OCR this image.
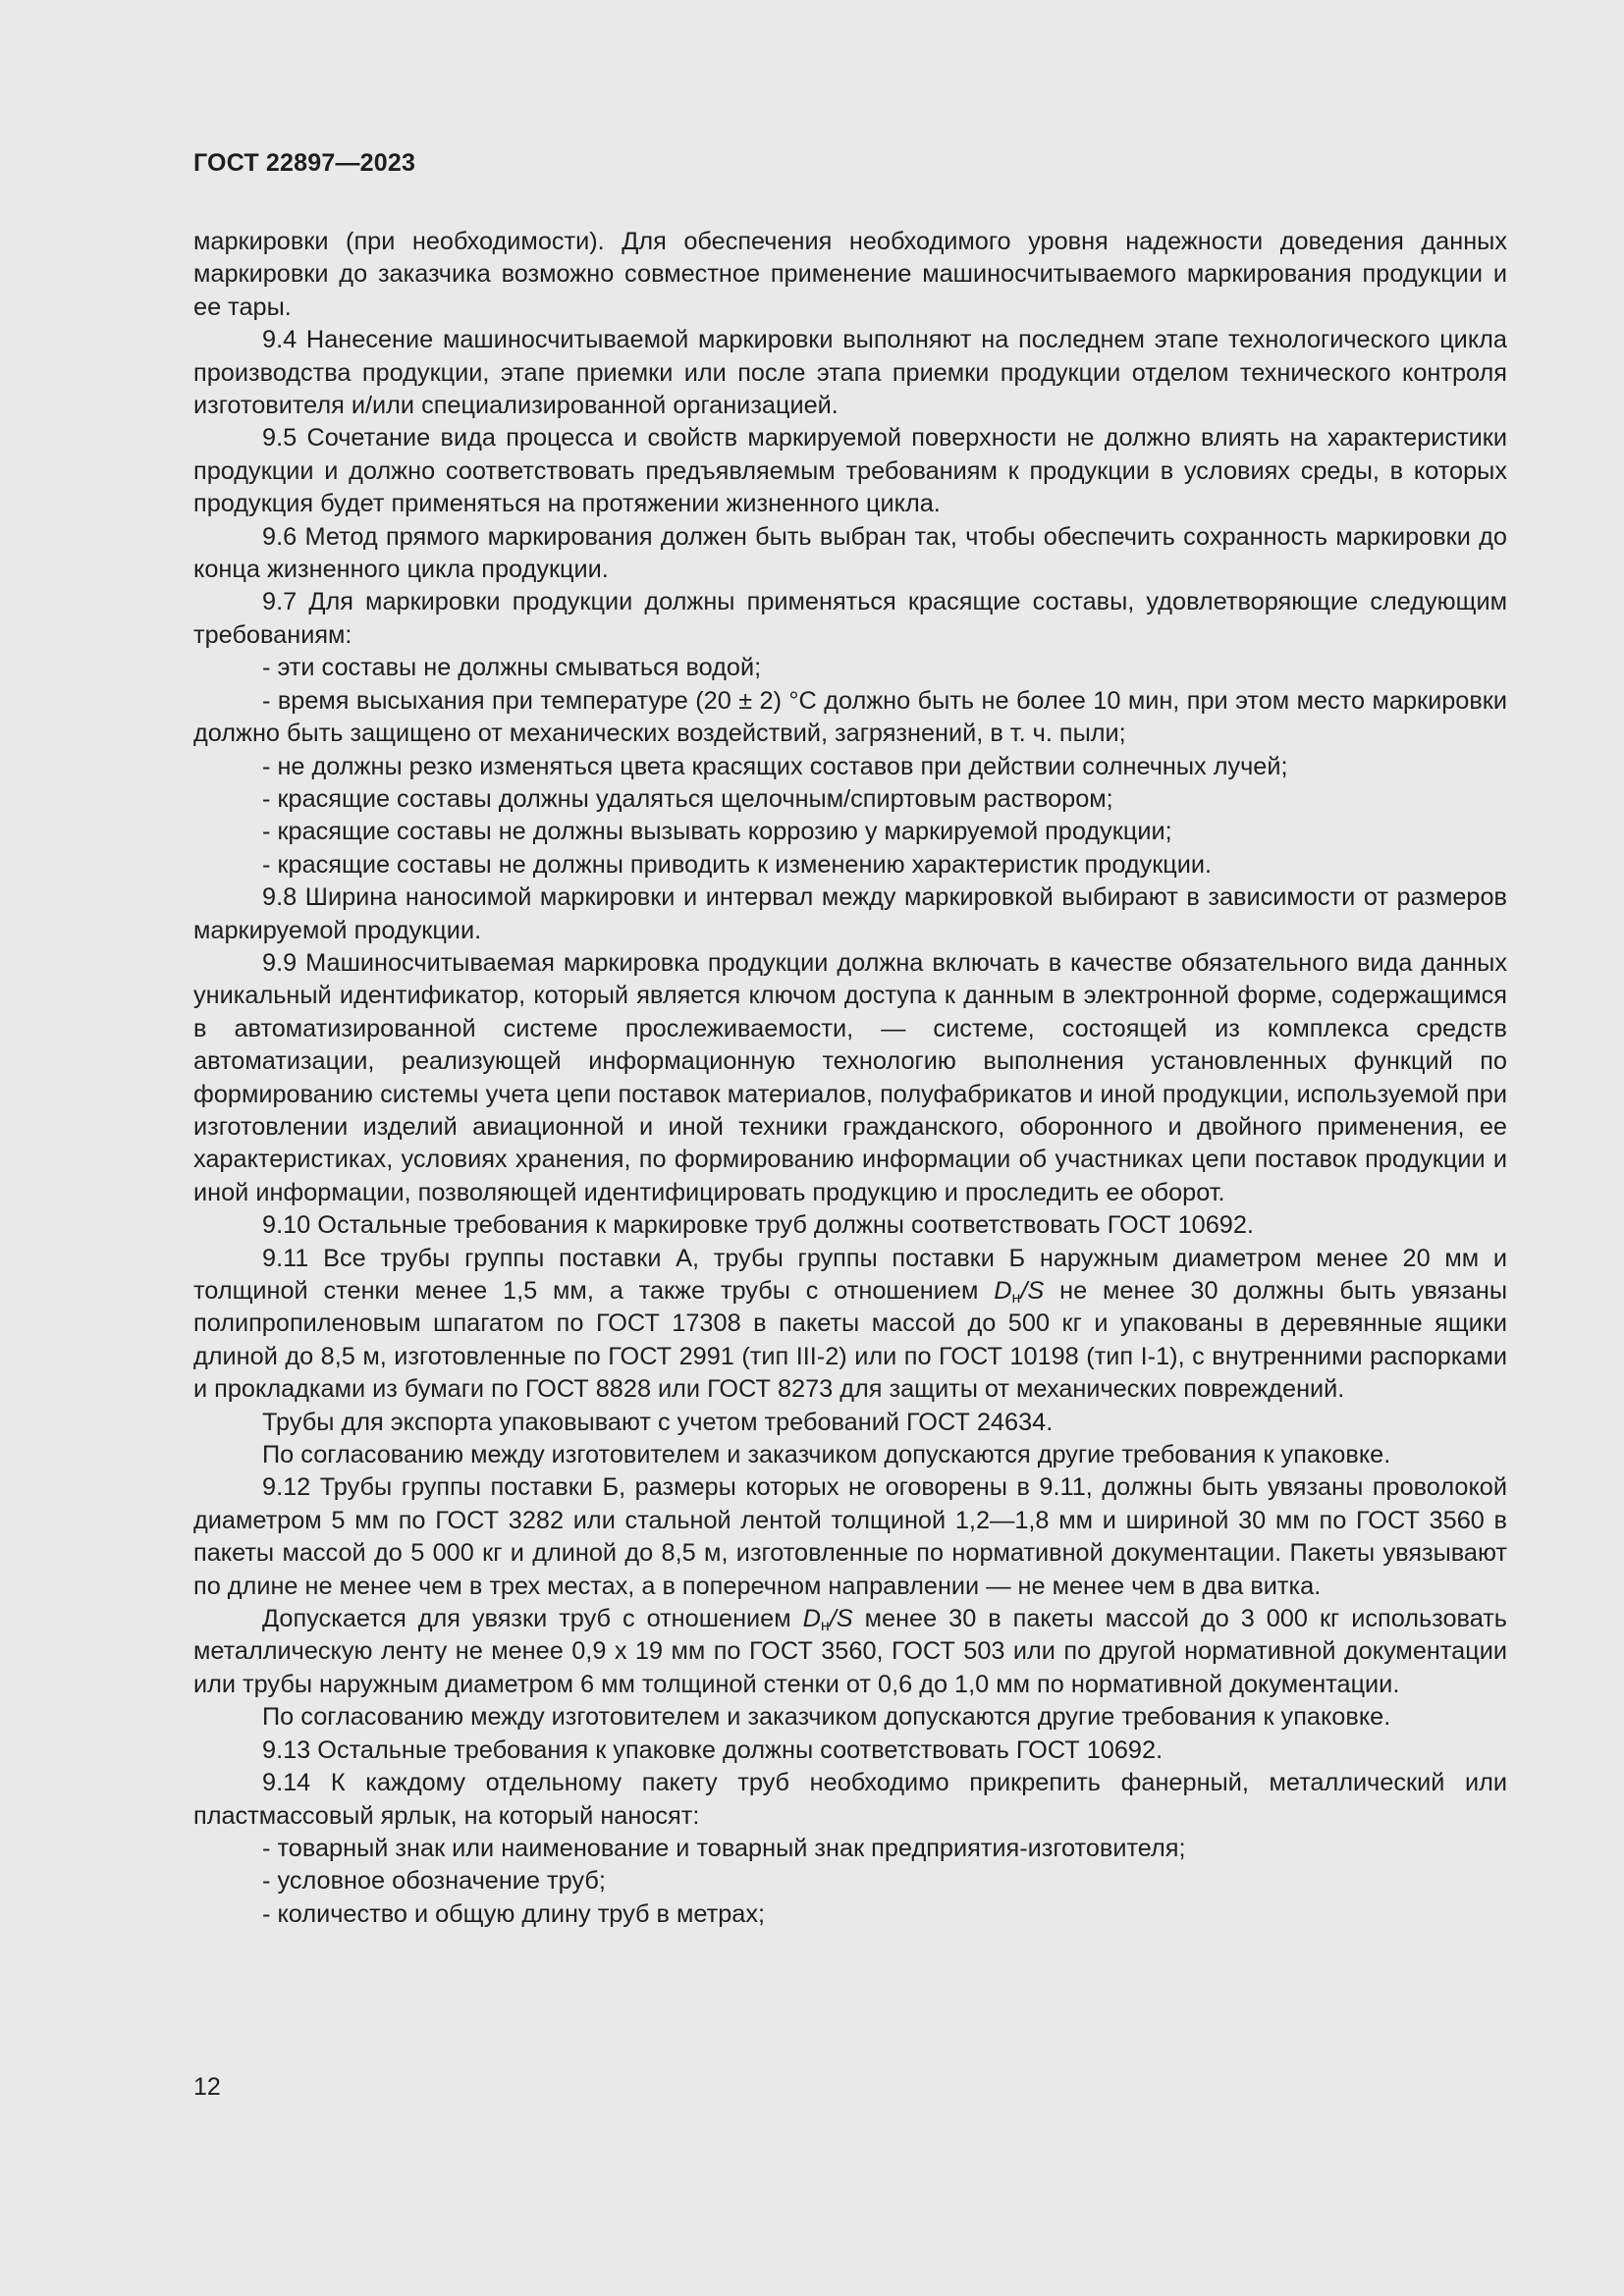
ГОСТ 22897—2023

маркировки (при необходимости). Для обеспечения необходимого уровня надежности доведения данных маркировки до заказчика возможно совместное применение машиносчитываемого маркирования продукции и ее тары.

9.4 Нанесение машиносчитываемой маркировки выполняют на последнем этапе технологического цикла производства продукции, этапе приемки или после этапа приемки продукции отделом технического контроля изготовителя и/или специализированной организацией.

9.5 Сочетание вида процесса и свойств маркируемой поверхности не должно влиять на характеристики продукции и должно соответствовать предъявляемым требованиям к продукции в условиях среды, в которых продукция будет применяться на протяжении жизненного цикла.

9.6 Метод прямого маркирования должен быть выбран так, чтобы обеспечить сохранность маркировки до конца жизненного цикла продукции.

9.7 Для маркировки продукции должны применяться красящие составы, удовлетворяющие следующим требованиям:

- эти составы не должны смываться водой;

- время высыхания при температуре (20 ± 2) °С должно быть не более 10 мин, при этом место маркировки должно быть защищено от механических воздействий, загрязнений, в т. ч. пыли;

- не должны резко изменяться цвета красящих составов при действии солнечных лучей;

- красящие составы должны удаляться щелочным/спиртовым раствором;

- красящие составы не должны вызывать коррозию у маркируемой продукции;

- красящие составы не должны приводить к изменению характеристик продукции.

9.8 Ширина наносимой маркировки и интервал между маркировкой выбирают в зависимости от размеров маркируемой продукции.

9.9 Машиносчитываемая маркировка продукции должна включать в качестве обязательного вида данных уникальный идентификатор, который является ключом доступа к данным в электронной форме, содержащимся в автоматизированной системе прослеживаемости, — системе, состоящей из комплекса средств автоматизации, реализующей информационную технологию выполнения установленных функций по формированию системы учета цепи поставок материалов, полуфабрикатов и иной продукции, используемой при изготовлении изделий авиационной и иной техники гражданского, оборонного и двойного применения, ее характеристиках, условиях хранения, по формированию информации об участниках цепи поставок продукции и иной информации, позволяющей идентифицировать продукцию и проследить ее оборот.

9.10 Остальные требования к маркировке труб должны соответствовать ГОСТ 10692.

9.11 Все трубы группы поставки А, трубы группы поставки Б наружным диаметром менее 20 мм и толщиной стенки менее 1,5 мм, а также трубы с отношением $D_н/S$ не менее 30 должны быть увязаны полипропиленовым шпагатом по ГОСТ 17308 в пакеты массой до 500 кг и упакованы в деревянные ящики длиной до 8,5 м, изготовленные по ГОСТ 2991 (тип III-2) или по ГОСТ 10198 (тип I-1), с внутренними распорками и прокладками из бумаги по ГОСТ 8828 или ГОСТ 8273 для защиты от механических повреждений.

Трубы для экспорта упаковывают с учетом требований ГОСТ 24634.

По согласованию между изготовителем и заказчиком допускаются другие требования к упаковке.

9.12 Трубы группы поставки Б, размеры которых не оговорены в 9.11, должны быть увязаны проволокой диаметром 5 мм по ГОСТ 3282 или стальной лентой толщиной 1,2—1,8 мм и шириной 30 мм по ГОСТ 3560 в пакеты массой до 5 000 кг и длиной до 8,5 м, изготовленные по нормативной документации. Пакеты увязывают по длине не менее чем в трех местах, а в поперечном направлении — не менее чем в два витка.

Допускается для увязки труб с отношением $D_н/S$ менее 30 в пакеты массой до 3 000 кг использовать металлическую ленту не менее 0,9 х 19 мм по ГОСТ 3560, ГОСТ 503 или по другой нормативной документации или трубы наружным диаметром 6 мм толщиной стенки от 0,6 до 1,0 мм по нормативной документации.

По согласованию между изготовителем и заказчиком допускаются другие требования к упаковке.

9.13 Остальные требования к упаковке должны соответствовать ГОСТ 10692.

9.14 К каждому отдельному пакету труб необходимо прикрепить фанерный, металлический или пластмассовый ярлык, на который наносят:

- товарный знак или наименование и товарный знак предприятия-изготовителя;

- условное обозначение труб;

- количество и общую длину труб в метрах;

12
